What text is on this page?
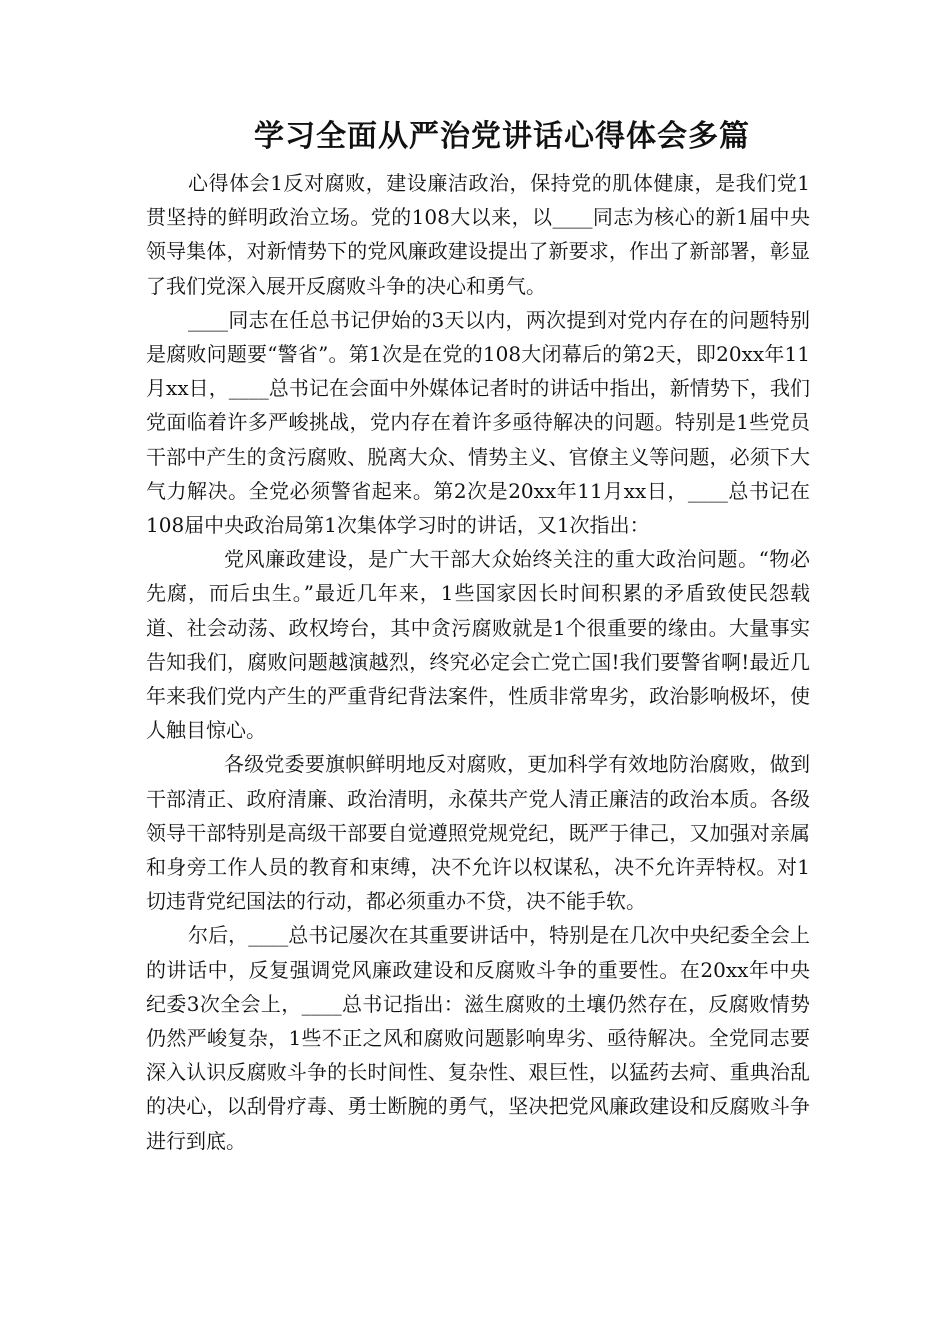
学习全面从严治党讲话心得体会多篇

心得体会1反对腐败，建设廉洁政治，保持党的肌体健康，是我们党1贯坚持的鲜明政治立场。党的108大以来，以____同志为核心的新1届中央领导集体，对新情势下的党风廉政建设提出了新要求，作出了新部署，彰显了我们党深入展开反腐败斗争的决心和勇气。

____同志在任总书记伊始的3天以内，两次提到对党内存在的问题特别是腐败问题要“警省”。第1次是在党的108大闭幕后的第2天，即20xx年11月xx日，____总书记在会面中外媒体记者时的讲话中指出，新情势下，我们党面临着许多严峻挑战，党内存在着许多亟待解决的问题。特别是1些党员干部中产生的贪污腐败、脱离大众、情势主义、官僚主义等问题，必须下大气力解决。全党必须警省起来。第2次是20xx年11月xx日，____总书记在108届中央政治局第1次集体学习时的讲话，又1次指出：

党风廉政建设，是广大干部大众始终关注的重大政治问题。“物必先腐，而后虫生。”最近几年来，1些国家因长时间积累的矛盾致使民怨载道、社会动荡、政权垮台，其中贪污腐败就是1个很重要的缘由。大量事实告知我们，腐败问题越演越烈，终究必定会亡党亡国!我们要警省啊!最近几年来我们党内产生的严重背纪背法案件，性质非常卑劣，政治影响极坏，使人触目惊心。

各级党委要旗帜鲜明地反对腐败，更加科学有效地防治腐败，做到干部清正、政府清廉、政治清明，永葆共产党人清正廉洁的政治本质。各级领导干部特别是高级干部要自觉遵照党规党纪，既严于律己，又加强对亲属和身旁工作人员的教育和束缚，决不允许以权谋私，决不允许弄特权。对1切违背党纪国法的行动，都必须重办不贷，决不能手软。

尔后，____总书记屡次在其重要讲话中，特别是在几次中央纪委全会上的讲话中，反复强调党风廉政建设和反腐败斗争的重要性。在20xx年中央纪委3次全会上，____总书记指出：滋生腐败的土壤仍然存在，反腐败情势仍然严峻复杂，1些不正之风和腐败问题影响卑劣、亟待解决。全党同志要深入认识反腐败斗争的长时间性、复杂性、艰巨性，以猛药去疴、重典治乱的决心，以刮骨疗毒、勇士断腕的勇气，坚决把党风廉政建设和反腐败斗争进行到底。
